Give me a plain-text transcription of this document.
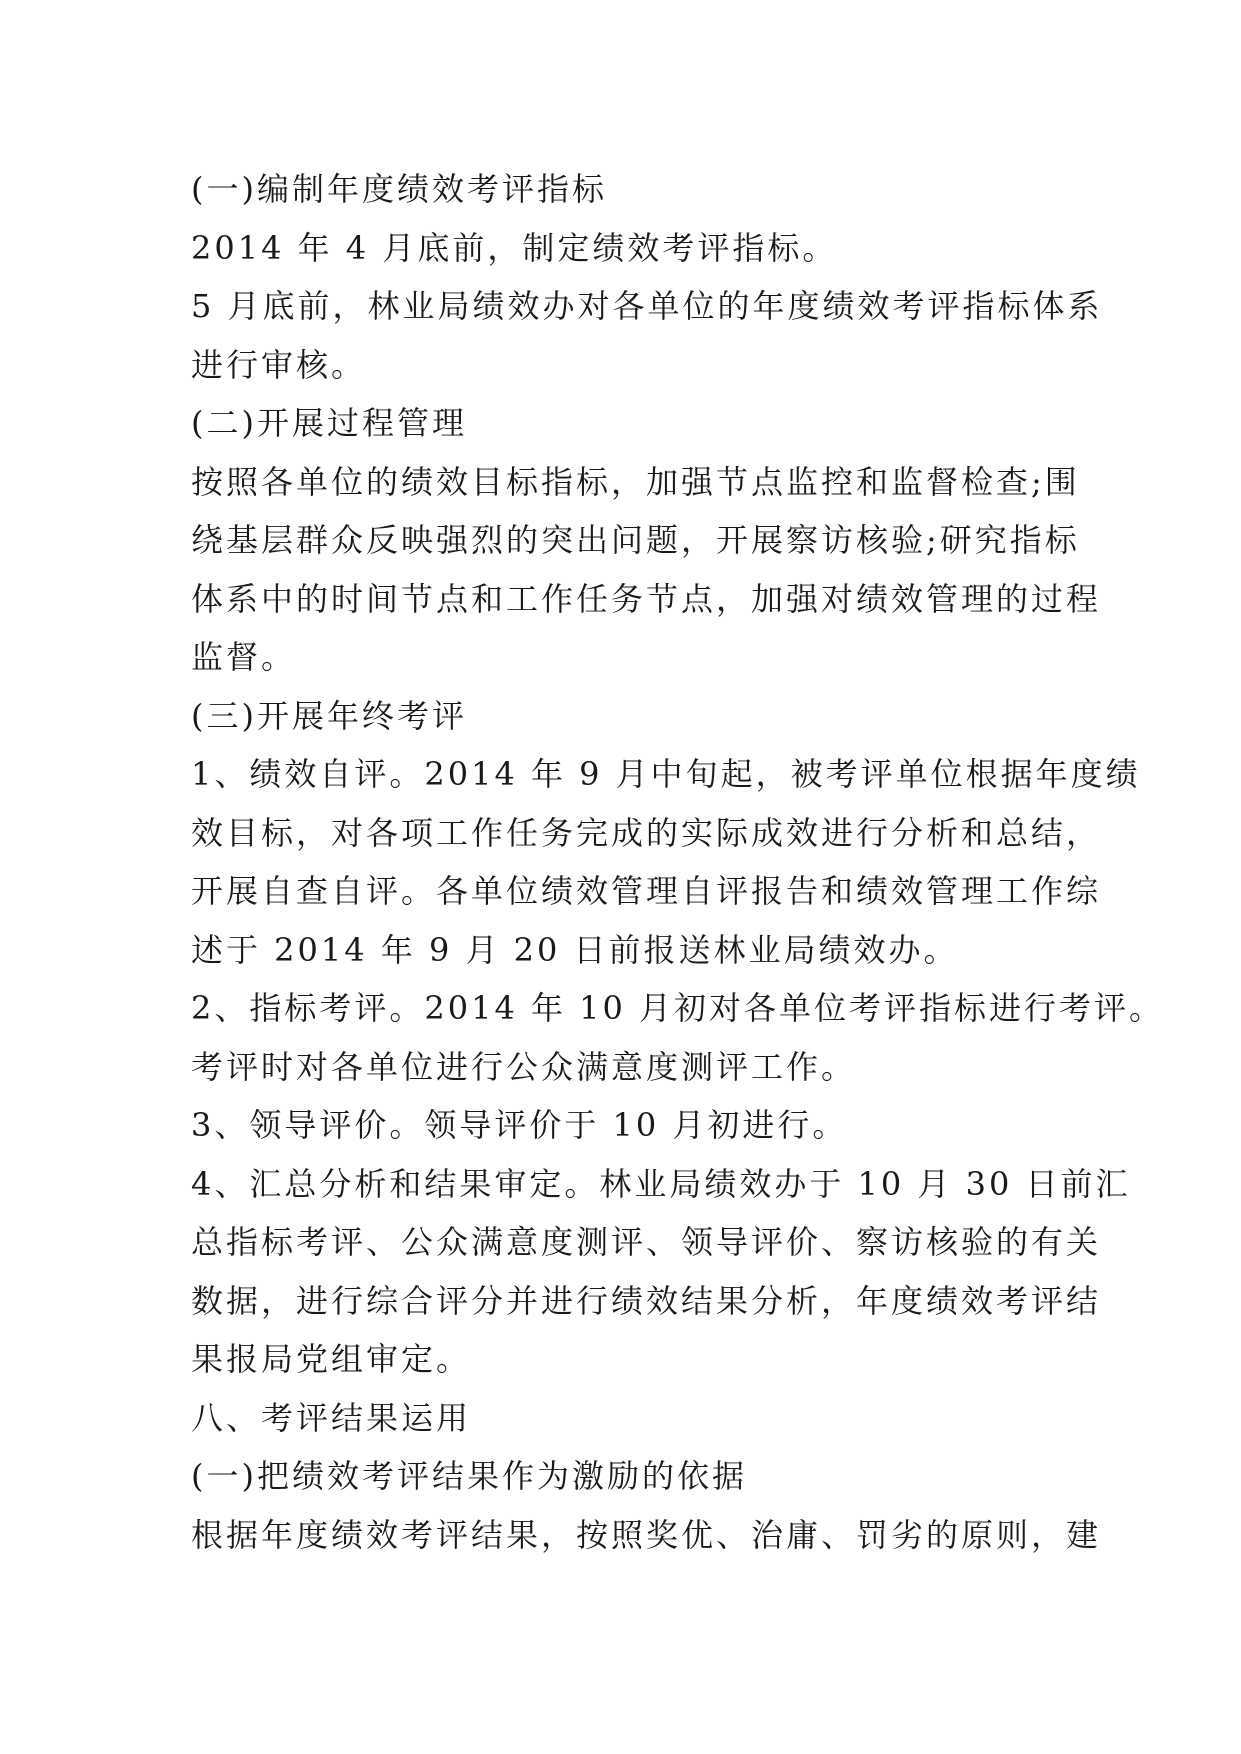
(一)编制年度绩效考评指标
2014 年 4 月底前，制定绩效考评指标。
5 月底前，林业局绩效办对各单位的年度绩效考评指标体系
进行审核。
(二)开展过程管理
按照各单位的绩效目标指标，加强节点监控和监督检查;围
绕基层群众反映强烈的突出问题，开展察访核验;研究指标
体系中的时间节点和工作任务节点，加强对绩效管理的过程
监督。
(三)开展年终考评
1、绩效自评。2014 年 9 月中旬起，被考评单位根据年度绩
效目标，对各项工作任务完成的实际成效进行分析和总结，
开展自查自评。各单位绩效管理自评报告和绩效管理工作综
述于 2014 年 9 月 20 日前报送林业局绩效办。
2、指标考评。2014 年 10 月初对各单位考评指标进行考评。
考评时对各单位进行公众满意度测评工作。
3、领导评价。领导评价于 10 月初进行。
4、汇总分析和结果审定。林业局绩效办于 10 月 30 日前汇
总指标考评、公众满意度测评、领导评价、察访核验的有关
数据，进行综合评分并进行绩效结果分析，年度绩效考评结
果报局党组审定。
八、考评结果运用
(一)把绩效考评结果作为激励的依据
根据年度绩效考评结果，按照奖优、治庸、罚劣的原则，建
